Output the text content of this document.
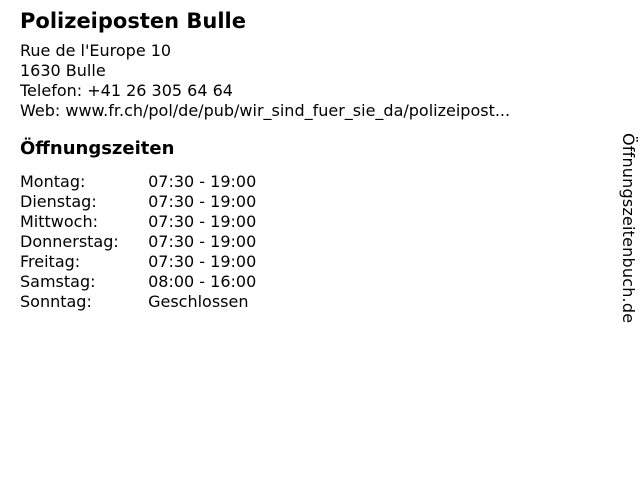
Polizeiposten Bulle
Rue de l'Europe 10
1630 Bulle
Telefon: +41 26 305 64 64
Web: www.fr.ch/pol/de/pub/wir_sind_fuer_sie_da/polizeipost...
Öffnungszeiten
Montag:	07:30 - 19:00
Dienstag:	07:30 - 19:00
Mittwoch:	07:30 - 19:00
Donnerstag: 07:30 - 19:00
Freitag:	07:30 - 19:00
Samstag:	08:00 - 16:00
Sonntag:	Geschlossen	Öffnungszeitenbuch.de
